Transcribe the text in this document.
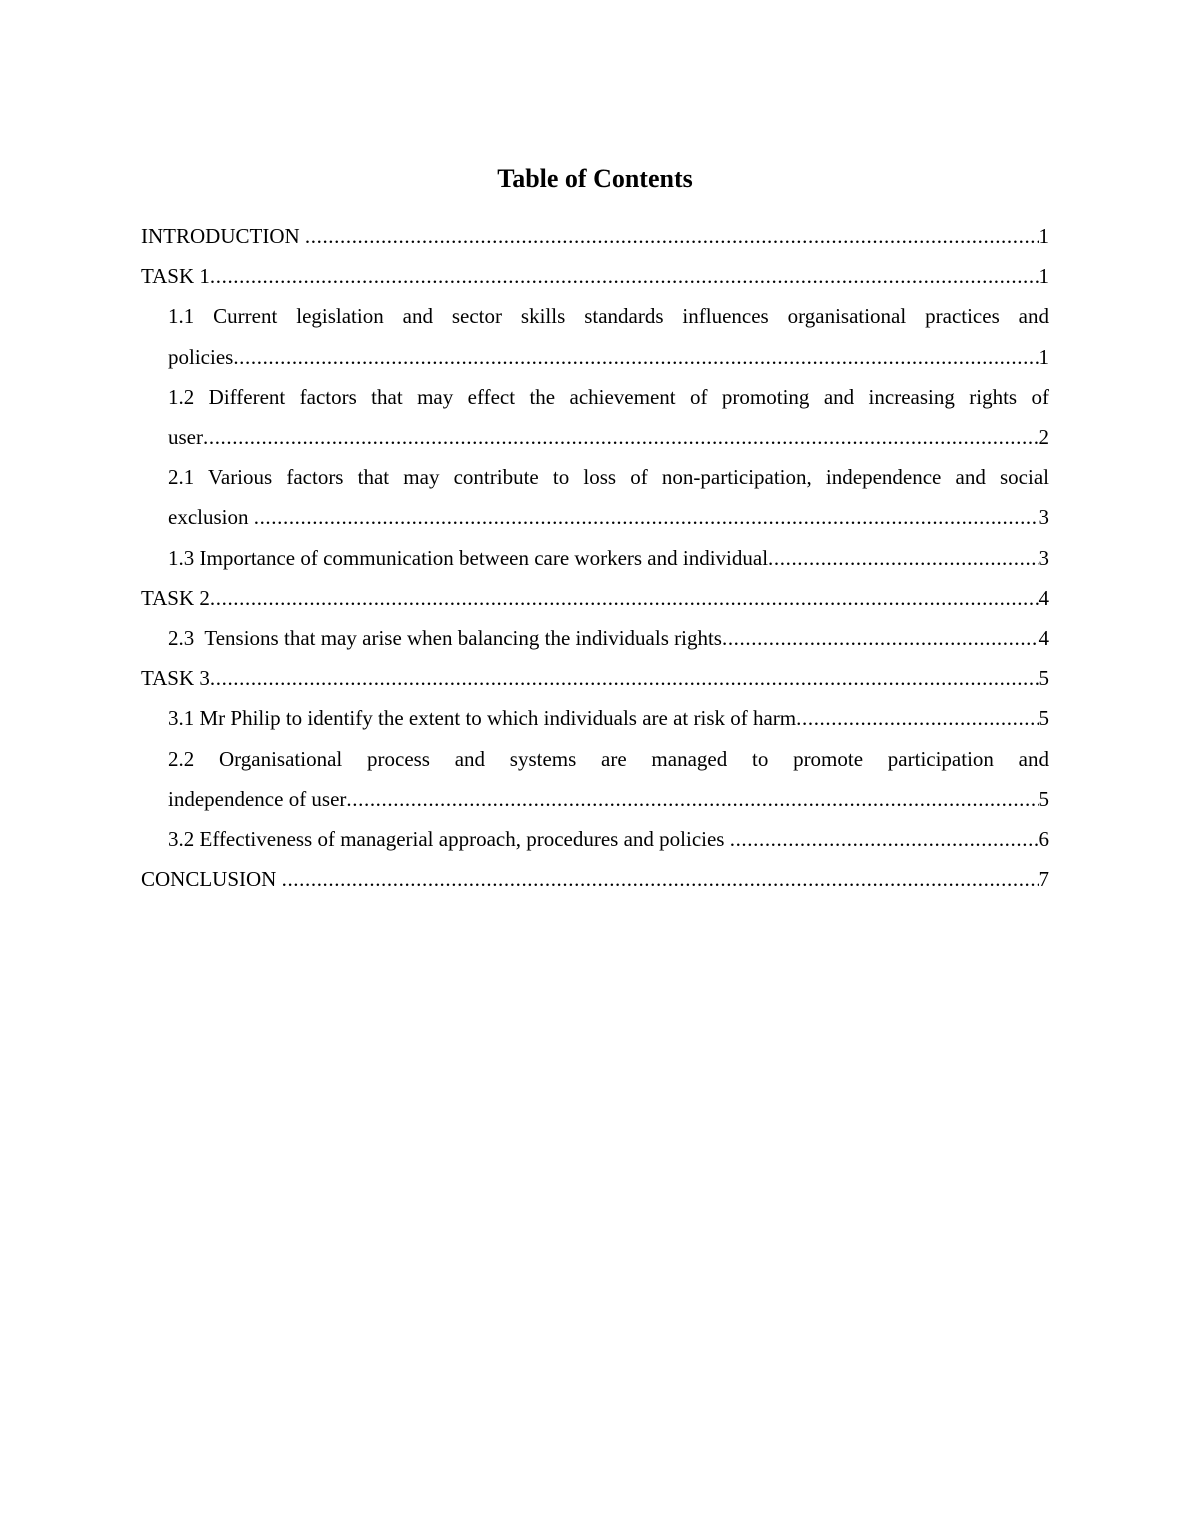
Table of Contents
INTRODUCTION .....	1
TASK 1 .....	1
1.1 Current legislation and sector skills standards influences organisational practices and
policies .....	1
1.2 Different factors that may effect the achievement of promoting and increasing rights of
user .....	2
2.1 Various factors that may contribute to loss of non-participation, independence and social
exclusion .....	3
1.3 Importance of communication between care workers and individual .....	3
TASK 2 .....	4
2.3  Tensions that may arise when balancing the individuals rights .....	4
TASK 3 .....	5
3.1 Mr Philip to identify the extent to which individuals are at risk of harm .....	5
2.2 Organisational process and systems are managed to promote participation and
independence of user .....	5
3.2 Effectiveness of managerial approach, procedures and policies .....	6
CONCLUSION .....	7
